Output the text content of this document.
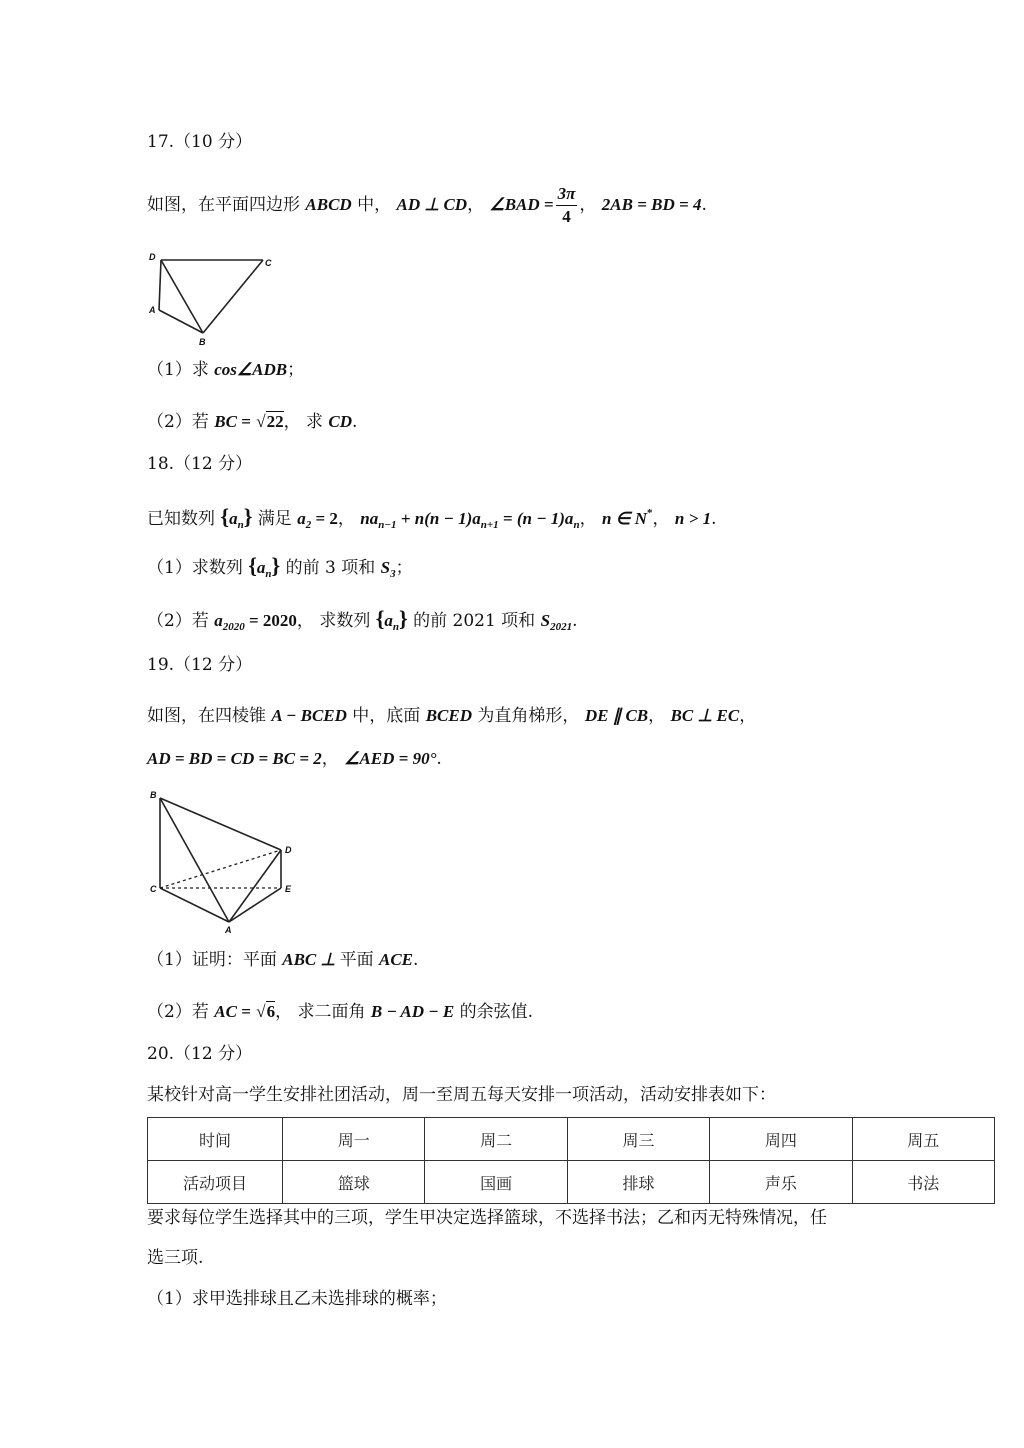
17.（10 分）
如图，在平面四边形 ABCD 中， AD ⊥ CD， ∠BAD = $\frac{3\pi}{4}$ ， 2AB = BD = 4.
D
C
A
B
（1）求 cos∠ADB；
（2）若 BC = √22， 求 CD.
18.（12 分）
已知数列 $\{a_n\}$ 满足 $a_2 = 2$， $na_{n-1} + n(n - 1)a_{n+1} = (n - 1)a_n$， n ∈ N*， n > 1.
（1）求数列 $\{a_n\}$ 的前 3 项和 $S_3$；
（2）若 $a_{2020} = 2020$， 求数列 $\{a_n\}$ 的前 2021 项和 $S_{2021}$.
19.（12 分）
如图，在四棱锥 A − BCED 中，底面 BCED 为直角梯形， DE ∥ CB， BC ⊥ EC，
AD = BD = CD = BC = 2， ∠AED = 90°.
B
D
C	E
A
（1）证明：平面 ABC ⊥ 平面 ACE.
（2）若 AC = √6， 求二面角 B − AD − E 的余弦值.
20.（12 分）
某校针对高一学生安排社团活动，周一至周五每天安排一项活动，活动安排表如下：
时间	周一	周二	周三	周四	周五
活动项目	篮球	国画	排球	声乐	书法
要求每位学生选择其中的三项，学生甲决定选择篮球，不选择书法；乙和丙无特殊情况，任
选三项.
（1）求甲选排球且乙未选排球的概率；
